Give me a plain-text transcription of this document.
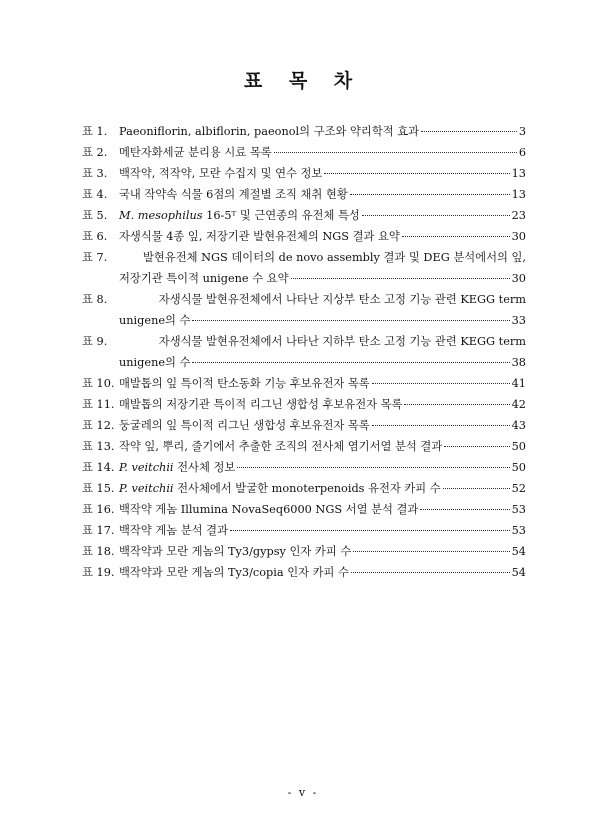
표 목 차
표 1.	Paeoniflorin, albiflorin, paeonol의 구조와 약리학적 효과	3
표 2.	메탄자화세균 분리용 시료 목록	6
표 3.	백작약, 적작약, 모란 수집지 및 연수 정보	13
표 4.	국내 작약속 식물 6점의 계절별 조직 채취 현황	13
표 5.	M. mesophilus 16-5ᵀ 및 근연종의 유전체 특성	23
표 6.	자생식물 4종 잎, 저장기관 발현유전체의 NGS 결과 요약	30
표 7.	발현유전체 NGS 데이터의 de novo assembly 결과 및 DEG 분석에서의 잎,
저장기관 특이적 unigene 수 요약	30
표 8.	자생식물 발현유전체에서 나타난 지상부 탄소 고정 기능 관련 KEGG term
unigene의 수	33
표 9.	자생식물 발현유전체에서 나타난 지하부 탄소 고정 기능 관련 KEGG term
unigene의 수	38
표 10. 매발톱의 잎 특이적 탄소동화 기능 후보유전자 목록	41
표 11. 매발톱의 저장기관 특이적 리그닌 생합성 후보유전자 목록	42
표 12. 둥굴레의 잎 특이적 리그닌 생합성 후보유전자 목록	43
표 13. 작약 잎, 뿌리, 줄기에서 추출한 조직의 전사체 염기서열 분석 결과	50
표 14. P. veitchii 전사체 정보	50
표 15. P. veitchii 전사체에서 발굴한 monoterpenoids 유전자 카피 수	52
표 16. 백작약 게놈 Illumina NovaSeq6000 NGS 서열 분석 결과	53
표 17. 백작약 게놈 분석 결과	53
표 18. 백작약과 모란 게놈의 Ty3/gypsy 인자 카피 수	54
표 19. 백작약과 모란 게놈의 Ty3/copia 인자 카피 수	54
- v -
